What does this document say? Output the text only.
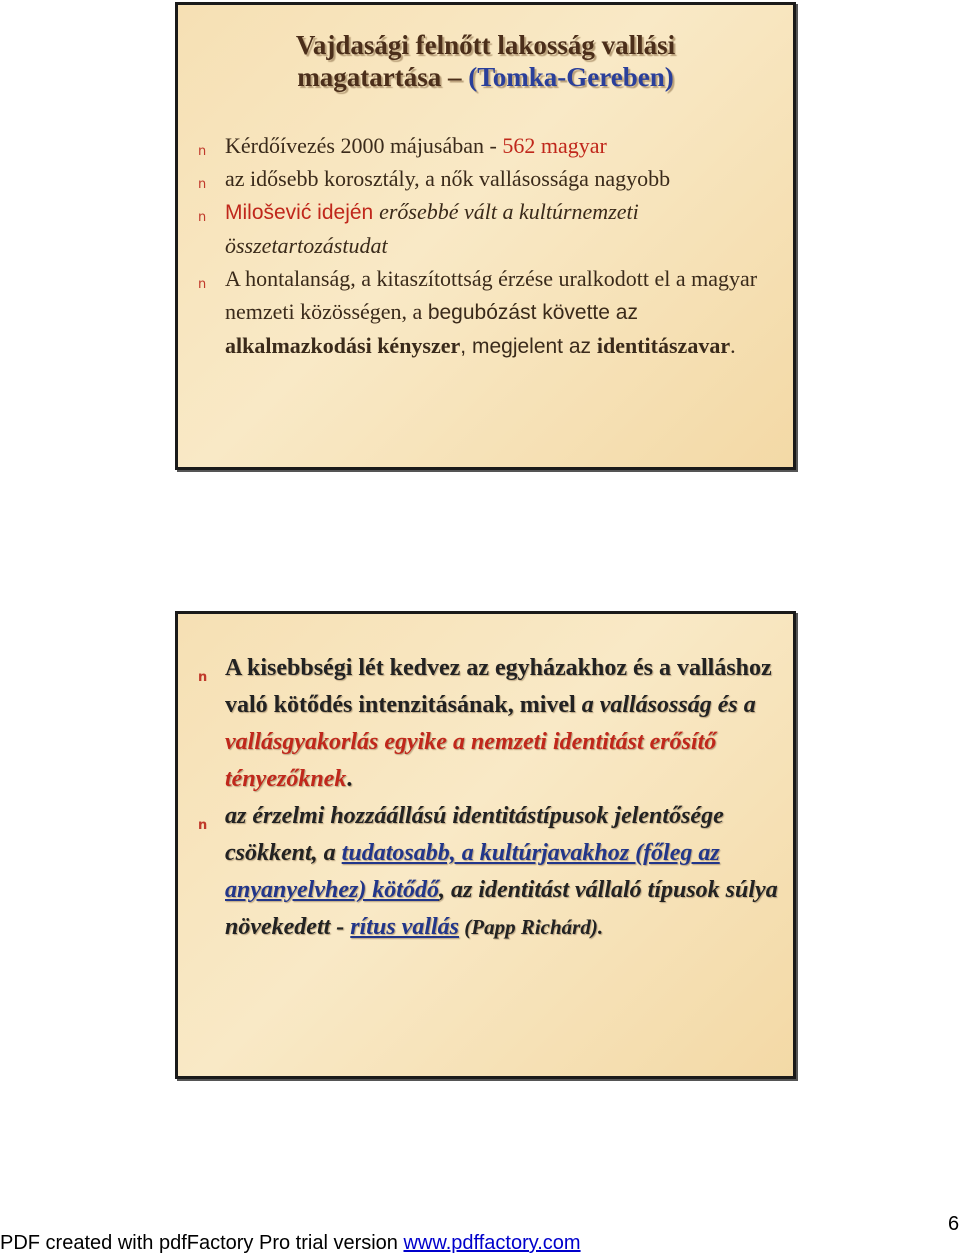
Vajdasági felnőtt lakosság vallási
magatartása – (Tomka-Gereben)
n Kérdőívezés 2000 májusában - 562 magyar
n az idősebb korosztály, a nők vallásossága nagyobb
n Milošević idején erősebbé vált a kultúrnemzeti összetartozástudat
n A hontalanság, a kitaszítottság érzése uralkodott el a magyar nemzeti közösségen, a begubózást követte az alkalmazkodási kényszer, megjelent az identitászavar.
n A kisebbségi lét kedvez az egyházakhoz és a valláshoz való kötődés intenzitásának, mivel a vallásosság és a vallásgyakorlás egyike a nemzeti identitást erősítő tényezőknek.
n az érzelmi hozzáállású identitástípusok jelentősége csökkent, a tudatosabb, a kultúrjavakhoz (főleg az anyanyelvhez) kötődő, az identitást vállaló típusok súlya növekedett - rítus vallás (Papp Richárd).
6
PDF created with pdfFactory Pro trial version www.pdffactory.com
